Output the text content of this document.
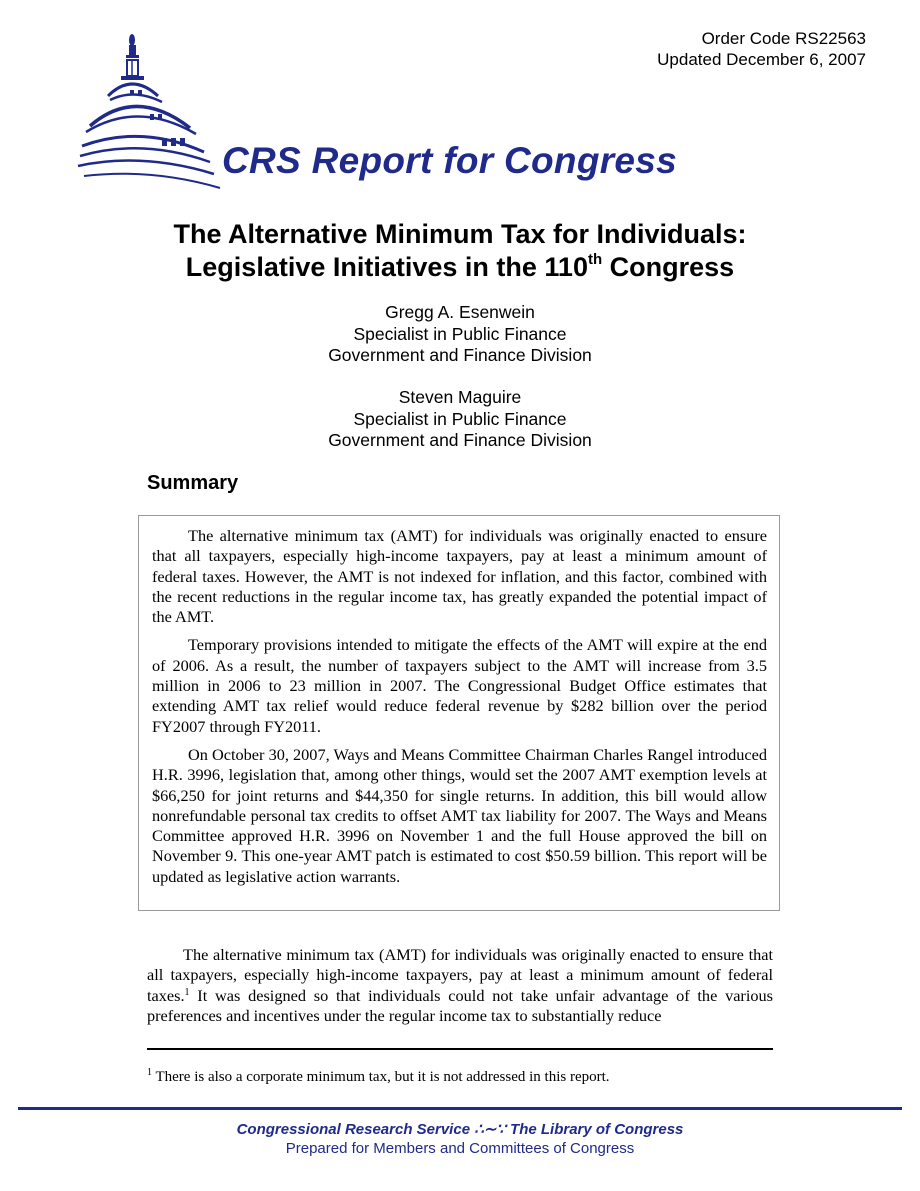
Order Code RS22563
Updated December 6, 2007
CRS Report for Congress
The Alternative Minimum Tax for Individuals:
Legislative Initiatives in the 110th Congress
Gregg A. Esenwein
Specialist in Public Finance
Government and Finance Division
Steven Maguire
Specialist in Public Finance
Government and Finance Division
Summary

The alternative minimum tax (AMT) for individuals was originally enacted to ensure that all taxpayers, especially high-income taxpayers, pay at least a minimum amount of federal taxes. However, the AMT is not indexed for inflation, and this factor, combined with the recent reductions in the regular income tax, has greatly expanded the potential impact of the AMT.

Temporary provisions intended to mitigate the effects of the AMT will expire at the end of 2006. As a result, the number of taxpayers subject to the AMT will increase from 3.5 million in 2006 to 23 million in 2007. The Congressional Budget Office estimates that extending AMT tax relief would reduce federal revenue by $282 billion over the period FY2007 through FY2011.

On October 30, 2007, Ways and Means Committee Chairman Charles Rangel introduced H.R. 3996, legislation that, among other things, would set the 2007 AMT exemption levels at $66,250 for joint returns and $44,350 for single returns. In addition, this bill would allow nonrefundable personal tax credits to offset AMT tax liability for 2007. The Ways and Means Committee approved H.R. 3996 on November 1 and the full House approved the bill on November 9. This one-year AMT patch is estimated to cost $50.59 billion. This report will be updated as legislative action warrants.

The alternative minimum tax (AMT) for individuals was originally enacted to ensure that all taxpayers, especially high-income taxpayers, pay at least a minimum amount of federal taxes.$^1$ It was designed so that individuals could not take unfair advantage of the various preferences and incentives under the regular income tax to substantially reduce

$^1$ There is also a corporate minimum tax, but it is not addressed in this report.
Congressional Research Service ∴∼∵ The Library of Congress
Prepared for Members and Committees of Congress
